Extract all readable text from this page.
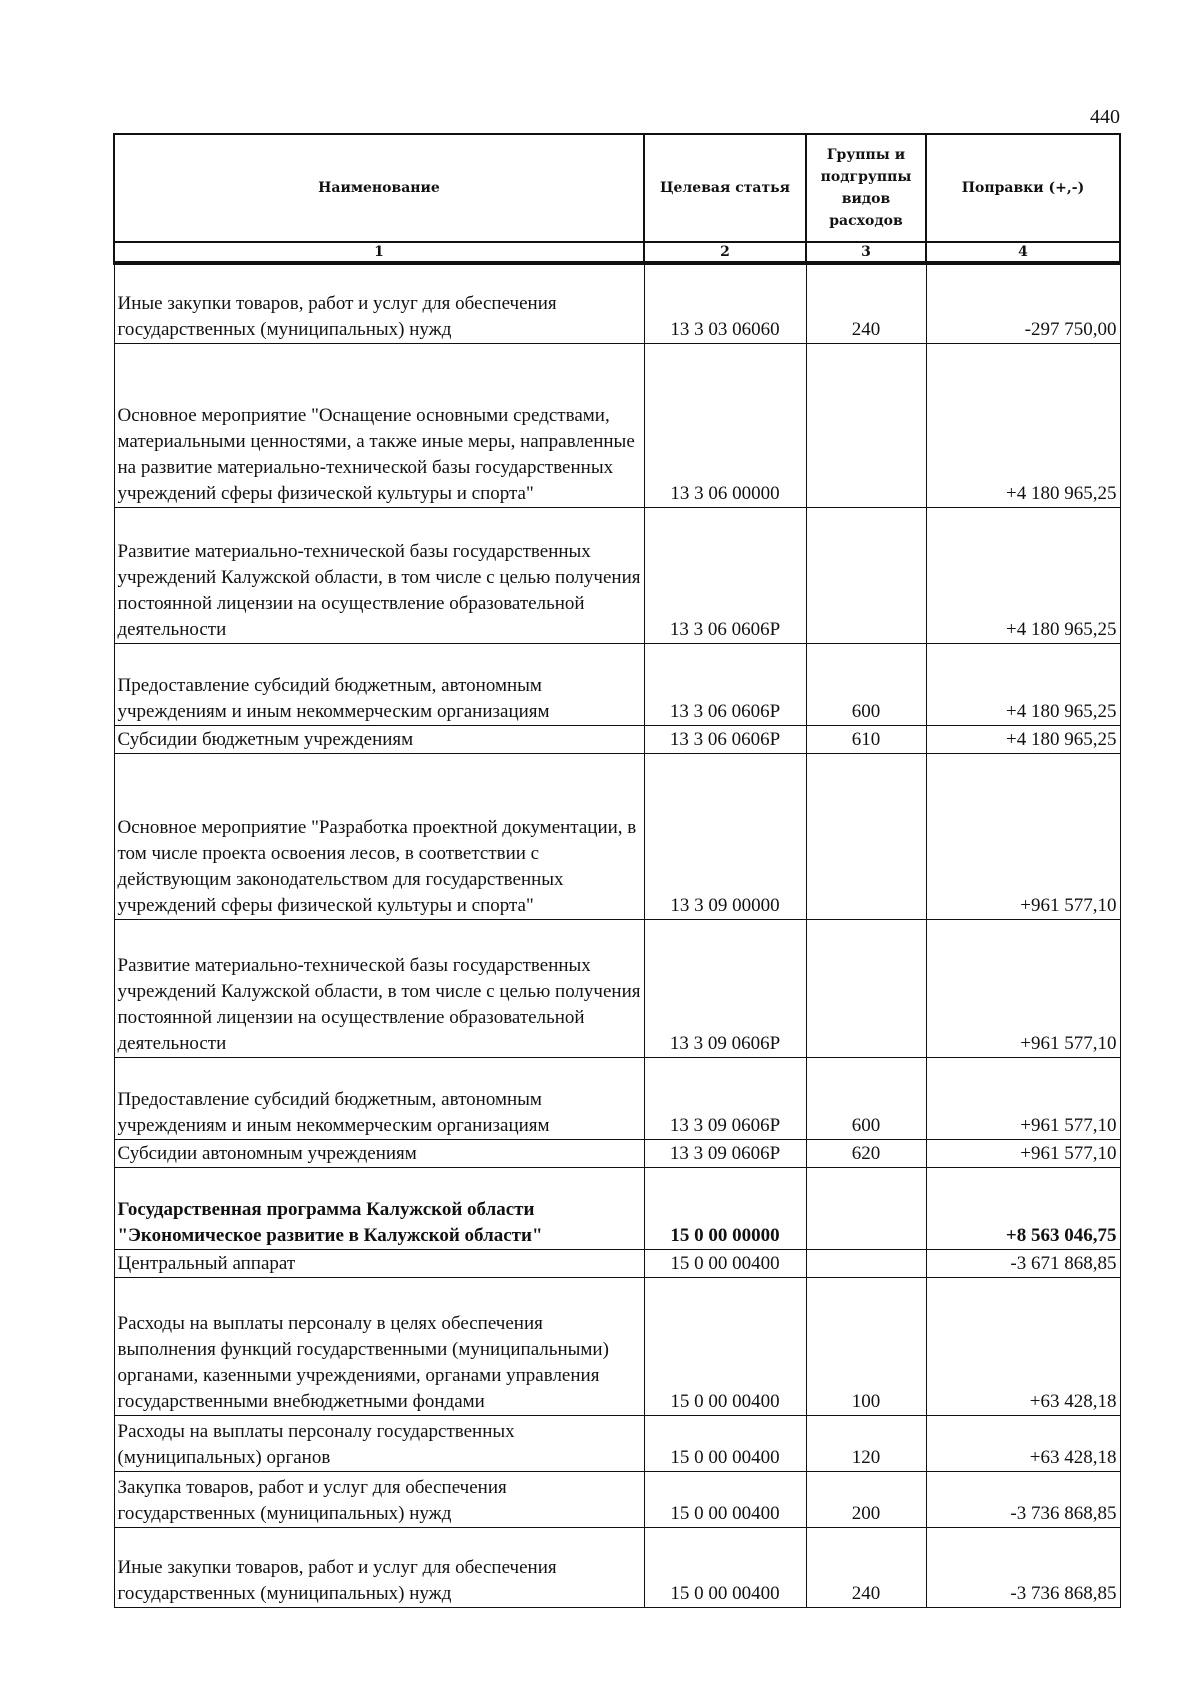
440
Наименование	Целевая статья	Группы и подгруппы видов расходов	Поправки (+,-)
1	2	3	4
Иные закупки товаров, работ и услуг для обеспечения государственных (муниципальных) нужд	13 3 03 06060	240	-297 750,00
Основное мероприятие "Оснащение основными средствами, материальными ценностями, а также иные меры, направленные на развитие материально-технической базы государственных учреждений сферы физической культуры и спорта"	13 3 06 00000		+4 180 965,25
Развитие материально-технической базы государственных учреждений Калужской области, в том числе с целью получения постоянной лицензии на осуществление образовательной деятельности	13 3 06 0606Р		+4 180 965,25
Предоставление субсидий бюджетным, автономным учреждениям и иным некоммерческим организациям	13 3 06 0606Р	600	+4 180 965,25
Субсидии бюджетным учреждениям	13 3 06 0606Р	610	+4 180 965,25
Основное мероприятие "Разработка проектной документации, в том числе проекта освоения лесов, в соответствии с действующим законодательством для государственных учреждений сферы физической культуры и спорта"	13 3 09 00000		+961 577,10
Развитие материально-технической базы государственных учреждений Калужской области, в том числе с целью получения постоянной лицензии на осуществление образовательной деятельности	13 3 09 0606Р		+961 577,10
Предоставление субсидий бюджетным, автономным учреждениям и иным некоммерческим организациям	13 3 09 0606Р	600	+961 577,10
Субсидии автономным учреждениям	13 3 09 0606Р	620	+961 577,10
Государственная программа Калужской области "Экономическое развитие в Калужской области"	15 0 00 00000		+8 563 046,75
Центральный аппарат	15 0 00 00400		-3 671 868,85
Расходы на выплаты персоналу в целях обеспечения выполнения функций государственными (муниципальными) органами, казенными учреждениями, органами управления государственными внебюджетными фондами	15 0 00 00400	100	+63 428,18
Расходы на выплаты персоналу государственных (муниципальных) органов	15 0 00 00400	120	+63 428,18
Закупка товаров, работ и услуг для обеспечения государственных (муниципальных) нужд	15 0 00 00400	200	-3 736 868,85
Иные закупки товаров, работ и услуг для обеспечения государственных (муниципальных) нужд	15 0 00 00400	240	-3 736 868,85
